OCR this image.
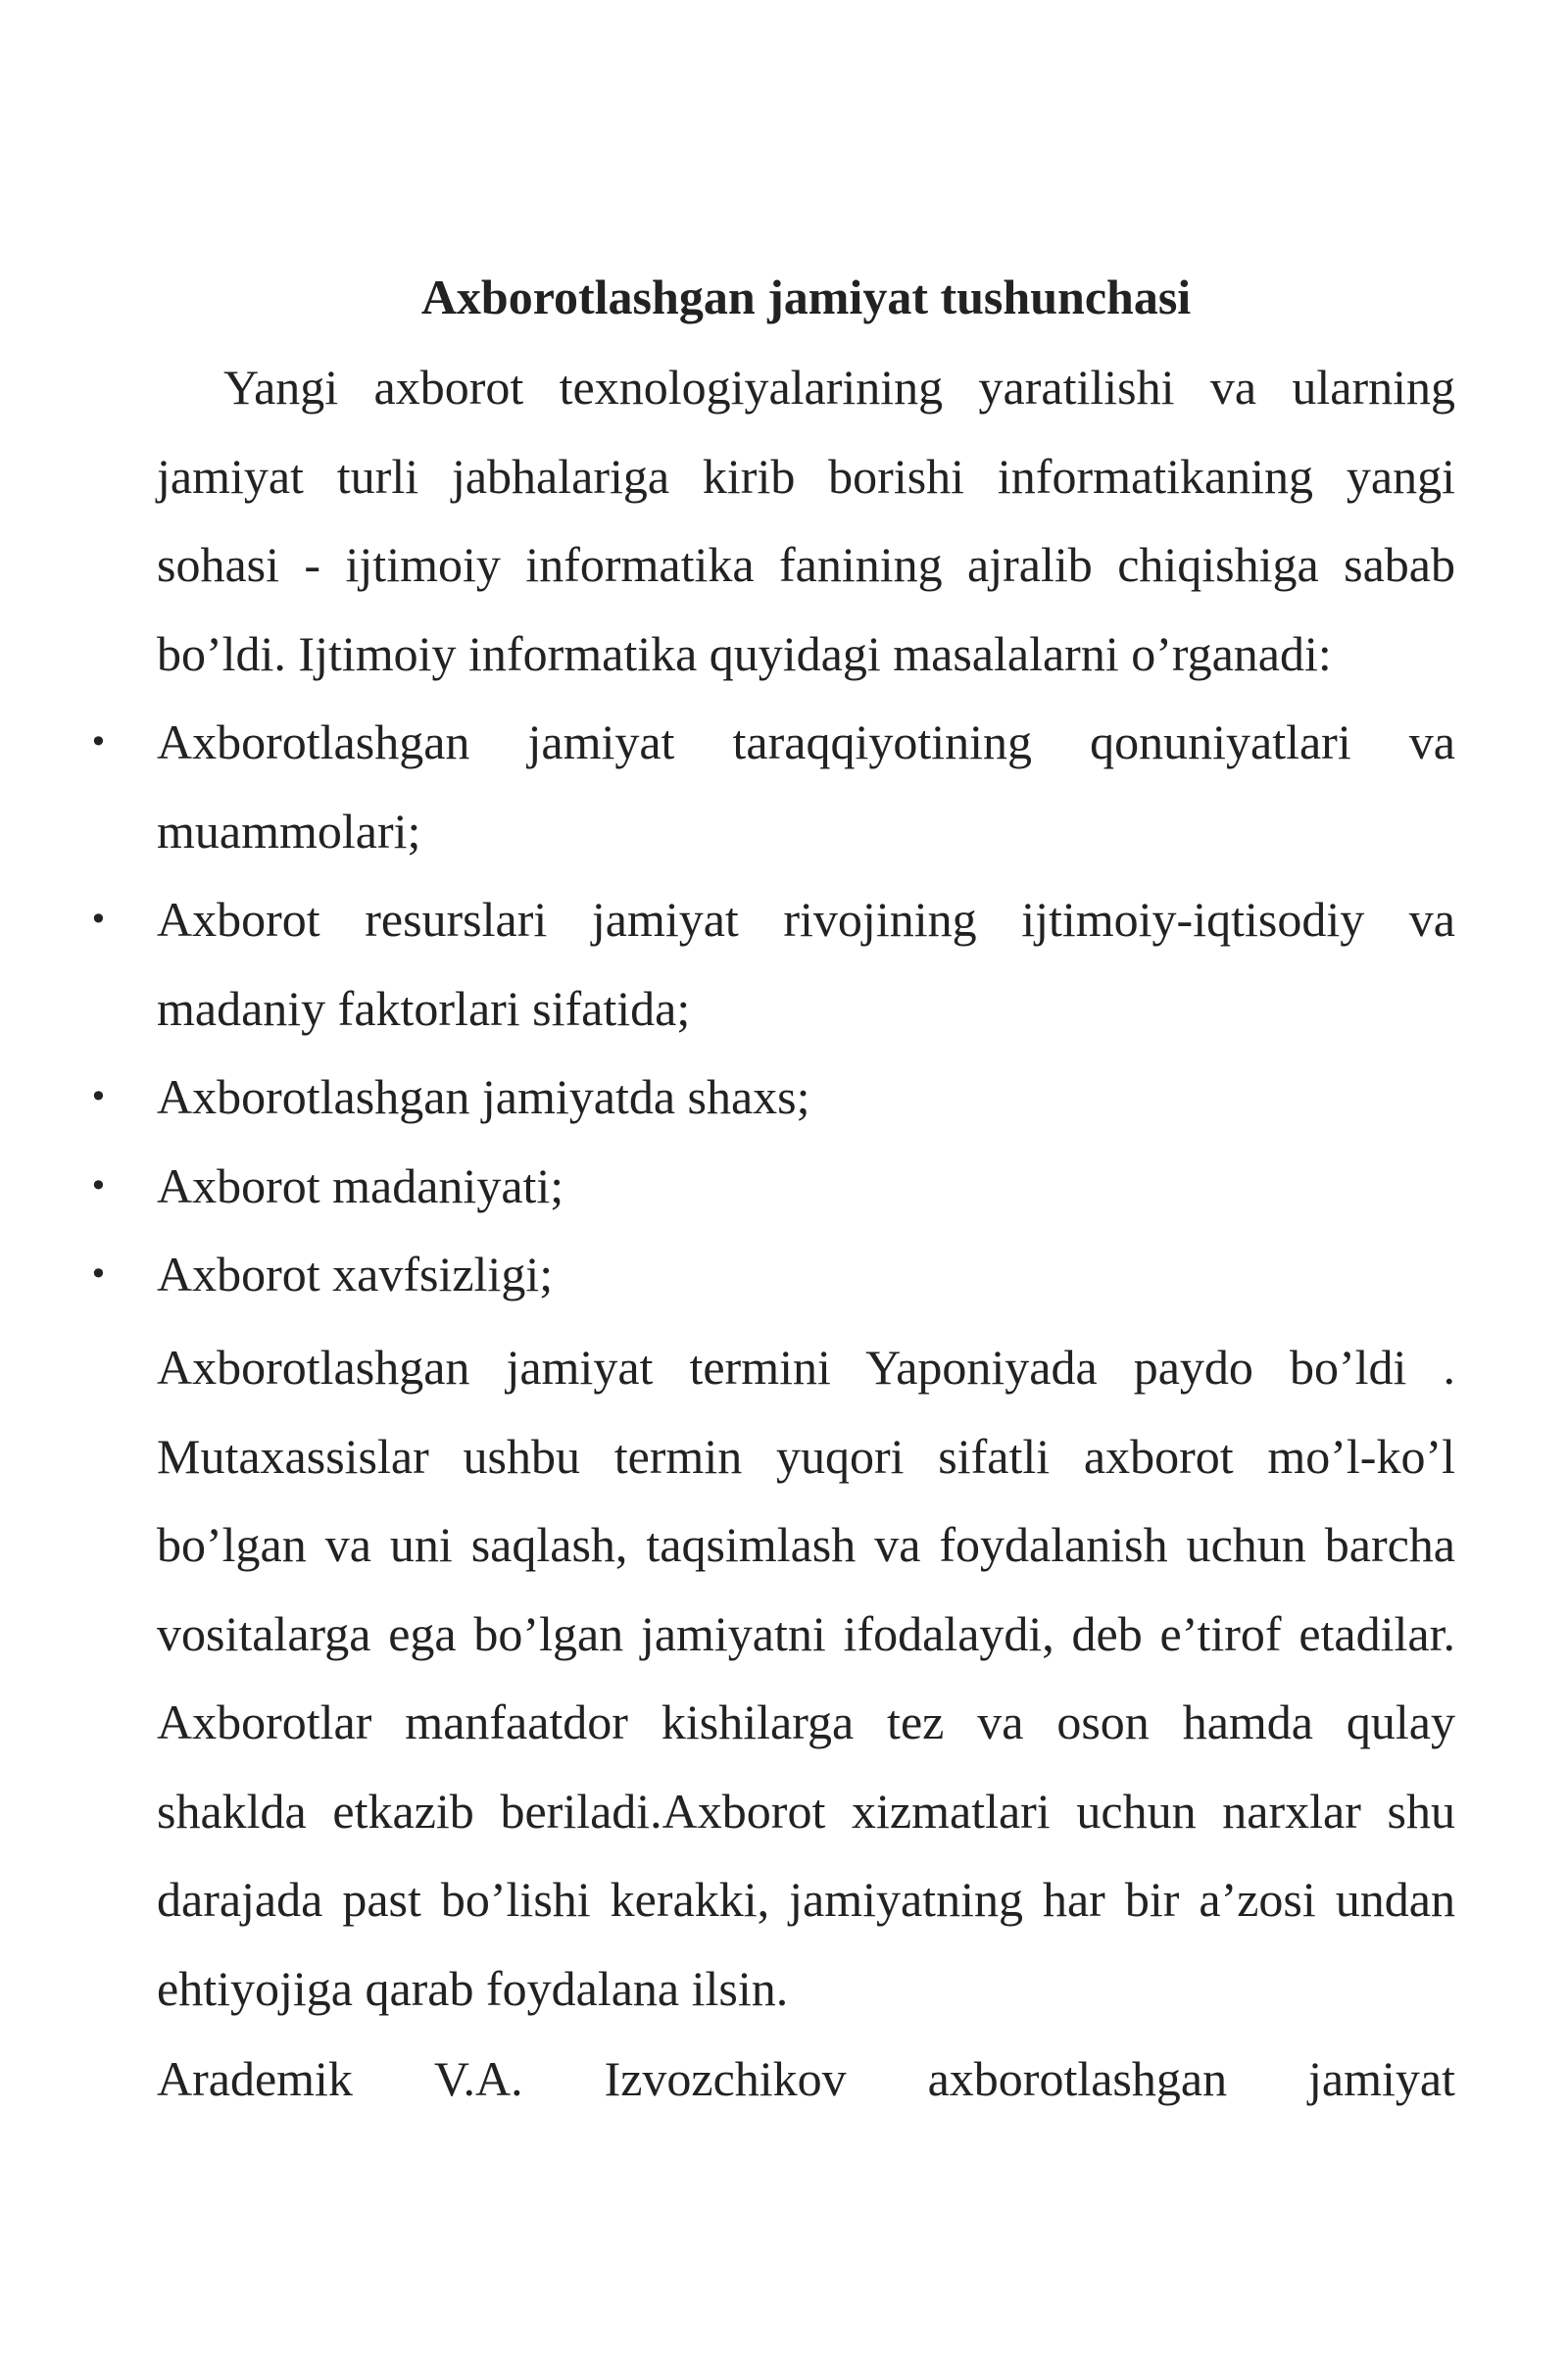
Axborotlashgan jamiyat tushunchasi

Yangi axborot texnologiyalarining yaratilishi va ularning jamiyat turli jabhalariga kirib borishi informatikaning yangi sohasi - ijtimoiy informatika fanining ajralib chiqishiga sabab bo’ldi. Ijtimoiy informatika quyidagi masalalarni o’rganadi:

• Axborotlashgan jamiyat taraqqiyotining qonuniyatlari va muammolari;
• Axborot resurslari jamiyat rivojining ijtimoiy-iqtisodiy va madaniy faktorlari sifatida;
• Axborotlashgan jamiyatda shaxs;
• Axborot madaniyati;
• Axborot xavfsizligi;

Axborotlashgan jamiyat termini Yaponiyada paydo bo’ldi . Mutaxassislar ushbu termin yuqori sifatli axborot mo’l-ko’l bo’lgan va uni saqlash, taqsimlash va foydalanish uchun barcha vositalarga ega bo’lgan jamiyatni ifodalaydi, deb e’tirof etadilar. Axborotlar manfaatdor kishilarga tez va oson hamda qulay shaklda etkazib beriladi.Axborot xizmatlari uchun narxlar shu darajada past bo’lishi kerakki, jamiyatning har bir a’zosi undan ehtiyojiga qarab foydalana ilsin.

Arademik V.A. Izvozchikov axborotlashgan jamiyat
